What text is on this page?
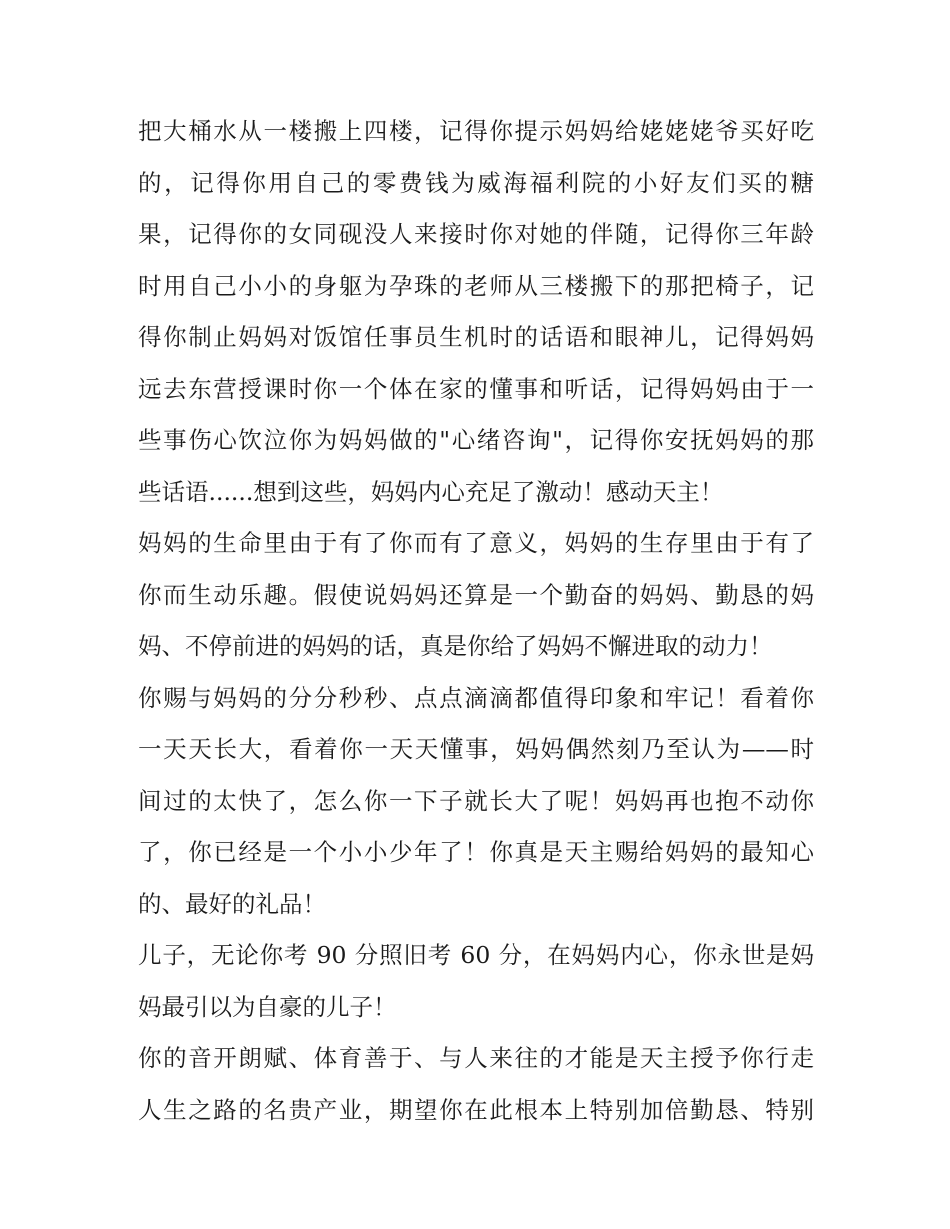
把大桶水从一楼搬上四楼，记得你提示妈妈给姥姥姥爷买好吃
的，记得你用自己的零费钱为威海福利院的小好友们买的糖
果，记得你的女同砚没人来接时你对她的伴随，记得你三年龄
时用自己小小的身躯为孕珠的老师从三楼搬下的那把椅子，记
得你制止妈妈对饭馆任事员生机时的话语和眼神儿，记得妈妈
远去东营授课时你一个体在家的懂事和听话，记得妈妈由于一
些事伤心饮泣你为妈妈做的"心绪咨询"，记得你安抚妈妈的那
些话语......想到这些，妈妈内心充足了激动！感动天主！
妈妈的生命里由于有了你而有了意义，妈妈的生存里由于有了
你而生动乐趣。假使说妈妈还算是一个勤奋的妈妈、勤恳的妈
妈、不停前进的妈妈的话，真是你给了妈妈不懈进取的动力！
你赐与妈妈的分分秒秒、点点滴滴都值得印象和牢记！看着你
一天天长大，看着你一天天懂事，妈妈偶然刻乃至认为——时
间过的太快了，怎么你一下子就长大了呢！妈妈再也抱不动你
了，你已经是一个小小少年了！你真是天主赐给妈妈的最知心
的、最好的礼品！
儿子，无论你考 90 分照旧考 60 分，在妈妈内心，你永世是妈
妈最引以为自豪的儿子！
你的音开朗赋、体育善于、与人来往的才能是天主授予你行走
人生之路的名贵产业，期望你在此根本上特别加倍勤恳、特别
